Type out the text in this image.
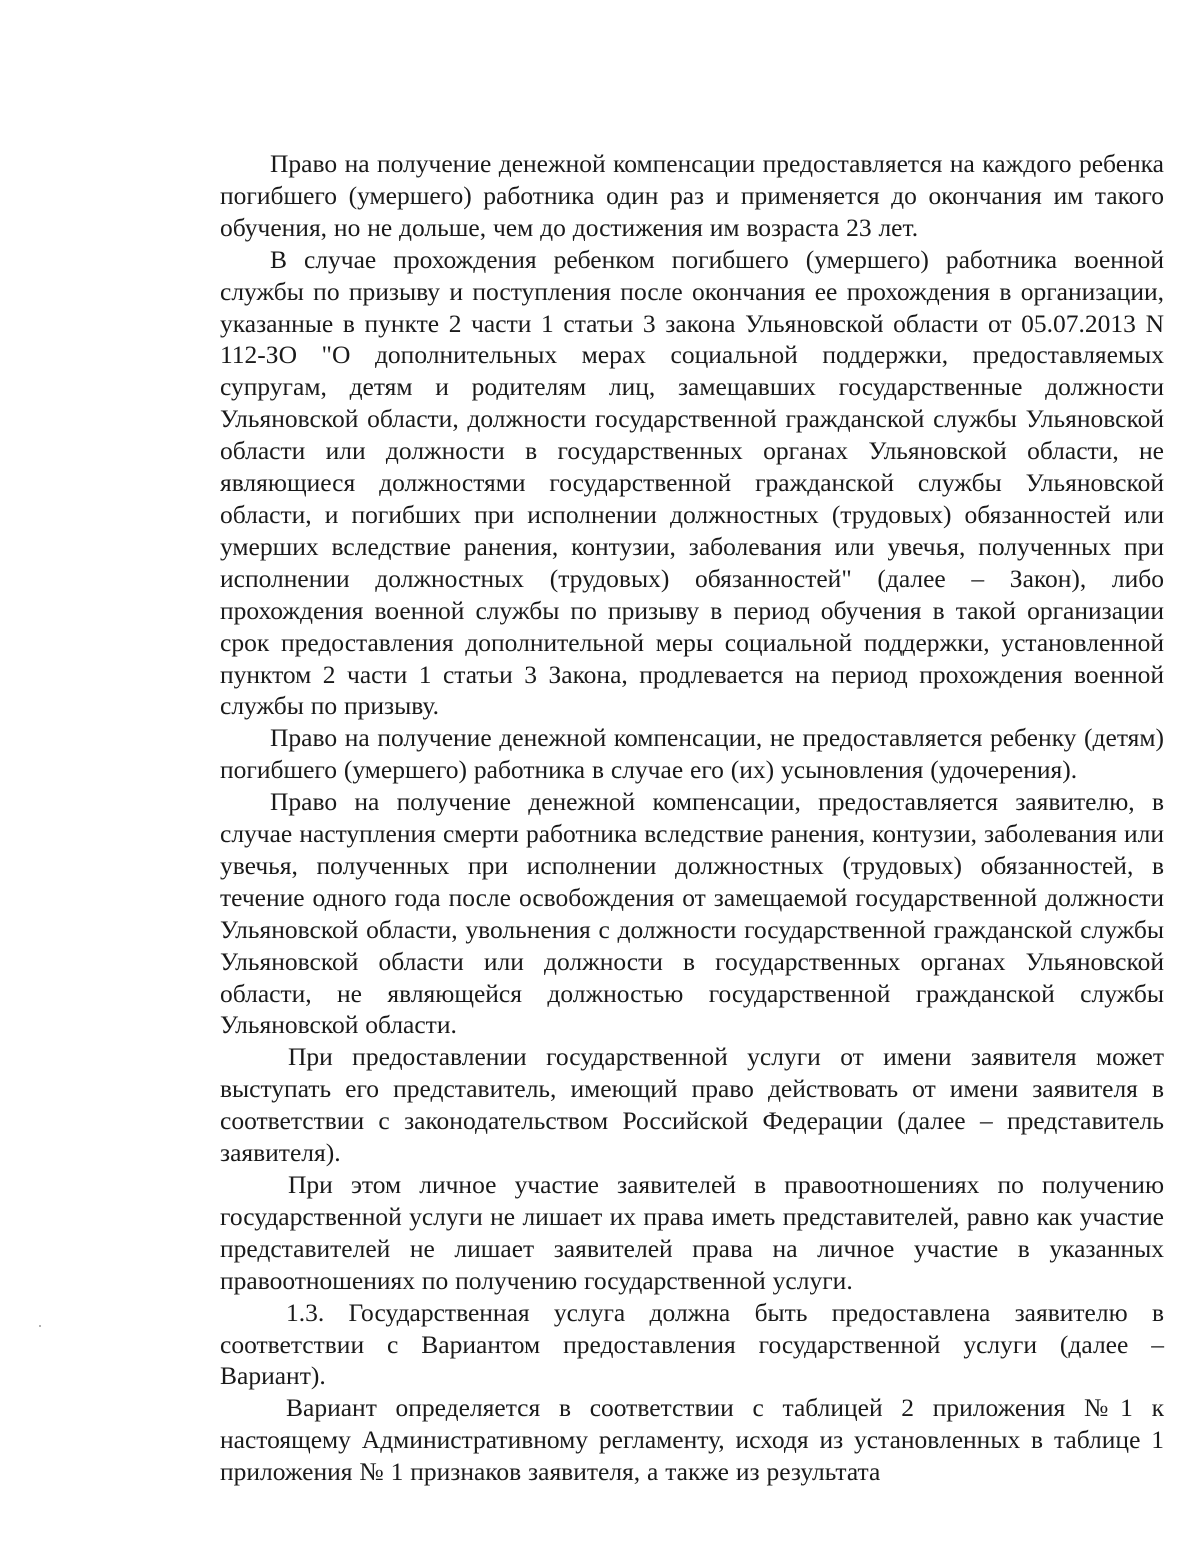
Право на получение денежной компенсации предоставляется на каждого ребенка погибшего (умершего) работника один раз и применяется до окончания им такого обучения, но не дольше, чем до достижения им возраста 23 лет.

В случае прохождения ребенком погибшего (умершего) работника военной службы по призыву и поступления после окончания ее прохождения в организации, указанные в пункте 2 части 1 статьи 3 закона Ульяновской области от 05.07.2013 N 112-ЗО "О дополнительных мерах социальной поддержки, предоставляемых супругам, детям и родителям лиц, замещавших государственные должности Ульяновской области, должности государственной гражданской службы Ульяновской области или должности в государственных органах Ульяновской области, не являющиеся должностями государственной гражданской службы Ульяновской области, и погибших при исполнении должностных (трудовых) обязанностей или умерших вследствие ранения, контузии, заболевания или увечья, полученных при исполнении должностных (трудовых) обязанностей" (далее – Закон), либо прохождения военной службы по призыву в период обучения в такой организации срок предоставления дополнительной меры социальной поддержки, установленной пунктом 2 части 1 статьи 3 Закона, продлевается на период прохождения военной службы по призыву.

Право на получение денежной компенсации, не предоставляется ребенку (детям) погибшего (умершего) работника в случае его (их) усыновления (удочерения).

Право на получение денежной компенсации, предоставляется заявителю, в случае наступления смерти работника вследствие ранения, контузии, заболевания или увечья, полученных при исполнении должностных (трудовых) обязанностей, в течение одного года после освобождения от замещаемой государственной должности Ульяновской области, увольнения с должности государственной гражданской службы Ульяновской области или должности в государственных органах Ульяновской области, не являющейся должностью государственной гражданской службы Ульяновской области.

При предоставлении государственной услуги от имени заявителя может выступать его представитель, имеющий право действовать от имени заявителя в соответствии с законодательством Российской Федерации (далее – представитель заявителя).

При этом личное участие заявителей в правоотношениях по получению государственной услуги не лишает их права иметь представителей, равно как участие представителей не лишает заявителей права на личное участие в указанных правоотношениях по получению государственной услуги.

1.3. Государственная услуга должна быть предоставлена заявителю в соответствии с Вариантом предоставления государственной услуги (далее – Вариант).

Вариант определяется в соответствии с таблицей 2 приложения №1 к настоящему Административному регламенту, исходя из установленных в таблице 1 приложения № 1 признаков заявителя, а также из результата
